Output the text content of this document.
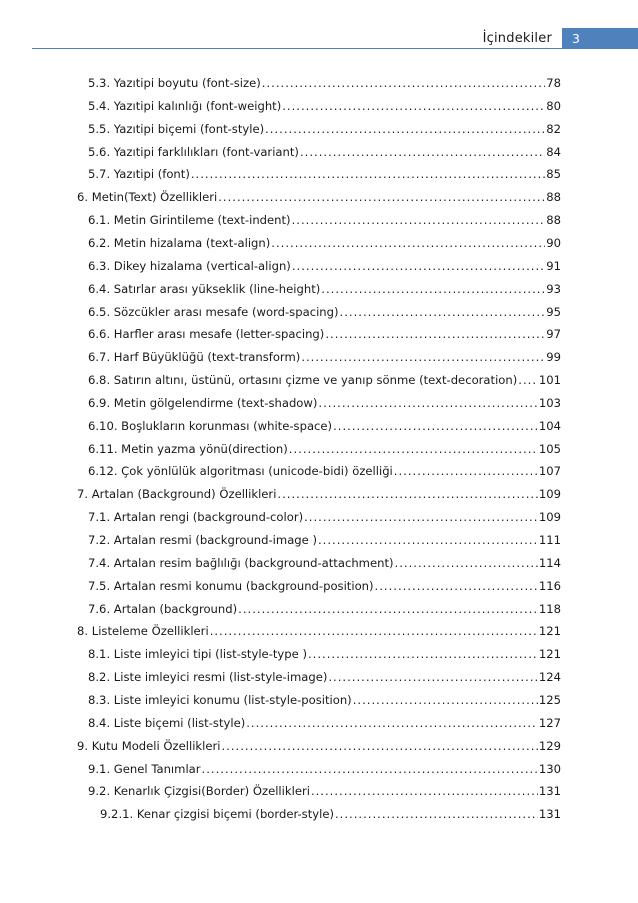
İçindekiler 3
5.3. Yazıtipi boyutu (font-size) .....	78
5.4. Yazıtipi kalınlığı (font-weight) .....	80
5.5. Yazıtipi biçemi (font-style) .....	82
5.6. Yazıtipi farklılıkları (font-variant) .....	84
5.7. Yazıtipi (font) .....	85
6. Metin(Text) Özellikleri .....	88
6.1. Metin Girintileme (text-indent) .....	88
6.2. Metin hizalama (text-align) .....	90
6.3. Dikey hizalama (vertical-align) .....	91
6.4. Satırlar arası yükseklik (line-height) .....	93
6.5. Sözcükler arası mesafe (word-spacing) .....	95
6.6. Harfler arası mesafe (letter-spacing) .....	97
6.7. Harf Büyüklüğü (text-transform) .....	99
6.8. Satırın altını, üstünü, ortasını çizme ve yanıp sönme (text-decoration) ..... 101
6.9. Metin gölgelendirme (text-shadow) .....	103
6.10. Boşlukların korunması (white-space) .....	104
6.11. Metin yazma yönü(direction) .....	105
6.12. Çok yönlülük algoritması (unicode-bidi) özelliği .....	107
7. Artalan (Background) Özellikleri .....	109
7.1. Artalan rengi (background-color) .....	109
7.2. Artalan resmi (background-image ) .....	111
7.4. Artalan resim bağlılığı (background-attachment) .....	114
7.5. Artalan resmi konumu (background-position) .....	116
7.6. Artalan (background) .....	118
8. Listeleme Özellikleri .....	121
8.1. Liste imleyici tipi (list-style-type ) .....	121
8.2. Liste imleyici resmi (list-style-image) .....	124
8.3. Liste imleyici konumu (list-style-position) .....	125
8.4. Liste biçemi (list-style) .....	127
9. Kutu Modeli Özellikleri .....	129
9.1. Genel Tanımlar .....	130
9.2. Kenarlık Çizgisi(Border) Özellikleri .....	131
9.2.1. Kenar çizgisi biçemi (border-style) .....	131
